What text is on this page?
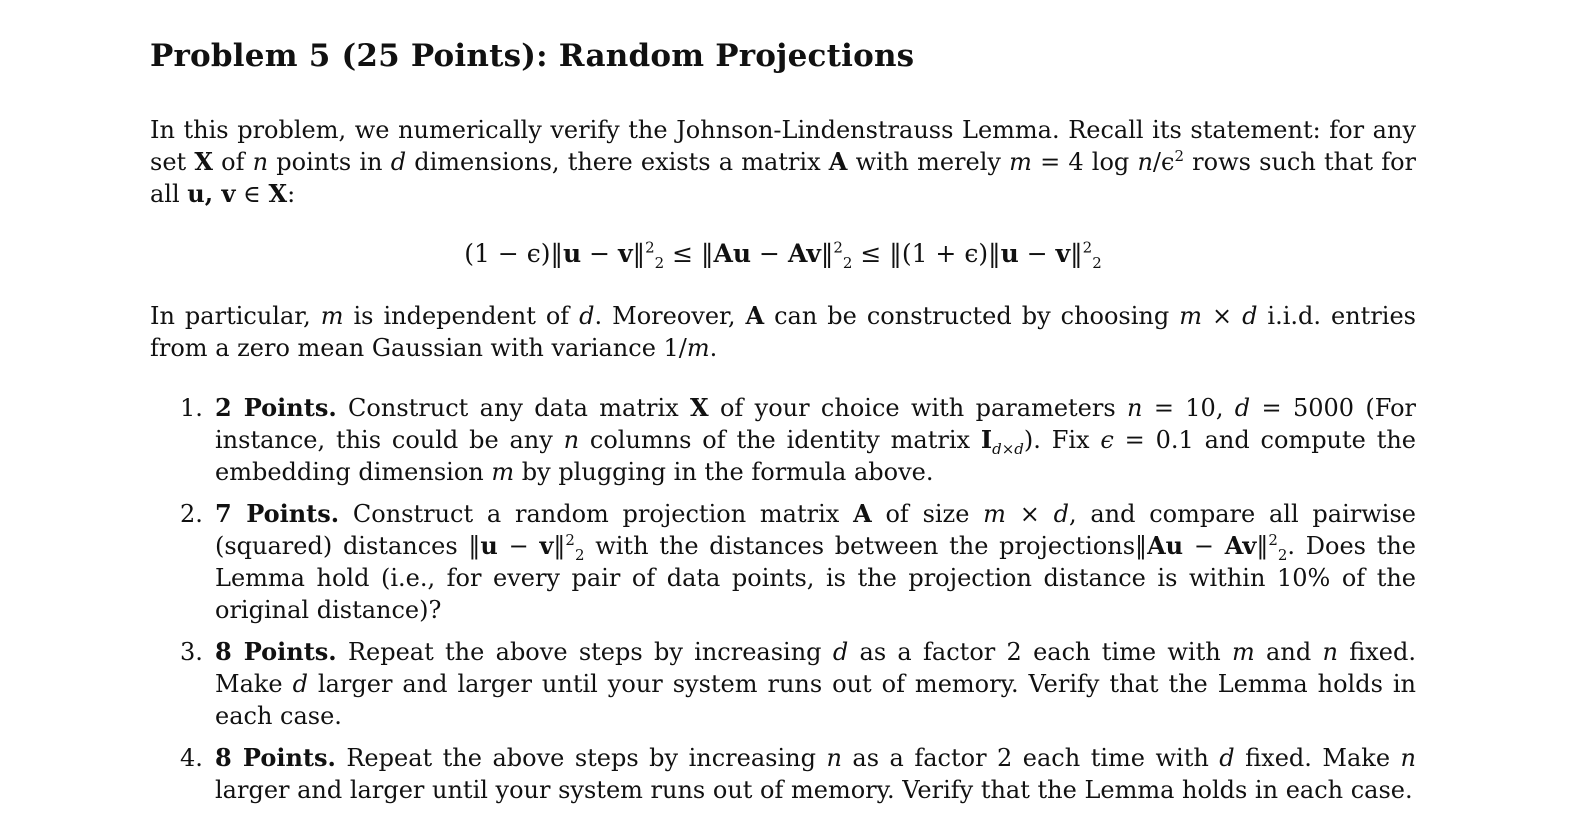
Problem 5 (25 Points): Random Projections

In this problem, we numerically verify the Johnson-Lindenstrauss Lemma. Recall its statement: for any set X of n points in d dimensions, there exists a matrix A with merely m = 4 $\log n/\epsilon^2$ rows such that for all u, v ∈ X:

(1 − ϵ)‖u − v‖$^2_2$ ≤ ‖Au − Av‖$^2_2$ ≤ ‖(1 + ϵ)‖u − v‖$^2_2$

In particular, m is independent of d. Moreover, A can be constructed by choosing m × d i.i.d. entries from a zero mean Gaussian with variance 1/m.

1. 2 Points. Construct any data matrix X of your choice with parameters n = 10, d = 5000 (For instance, this could be any n columns of the identity matrix $I_{d\times d}$). Fix ϵ = 0.1 and compute the embedding dimension m by plugging in the formula above.
2. 7 Points. Construct a random projection matrix A of size m × d, and compare all pairwise (squared) distances ‖u − v‖$^2_2$ with the distances between the projections‖Au − Av‖$^2_2$. Does the Lemma hold (i.e., for every pair of data points, is the projection distance is within 10% of the original distance)?
3. 8 Points. Repeat the above steps by increasing d as a factor 2 each time with m and n fixed. Make d larger and larger until your system runs out of memory. Verify that the Lemma holds in each case.
4. 8 Points. Repeat the above steps by increasing n as a factor 2 each time with d fixed. Make n larger and larger until your system runs out of memory. Verify that the Lemma holds in each case.
